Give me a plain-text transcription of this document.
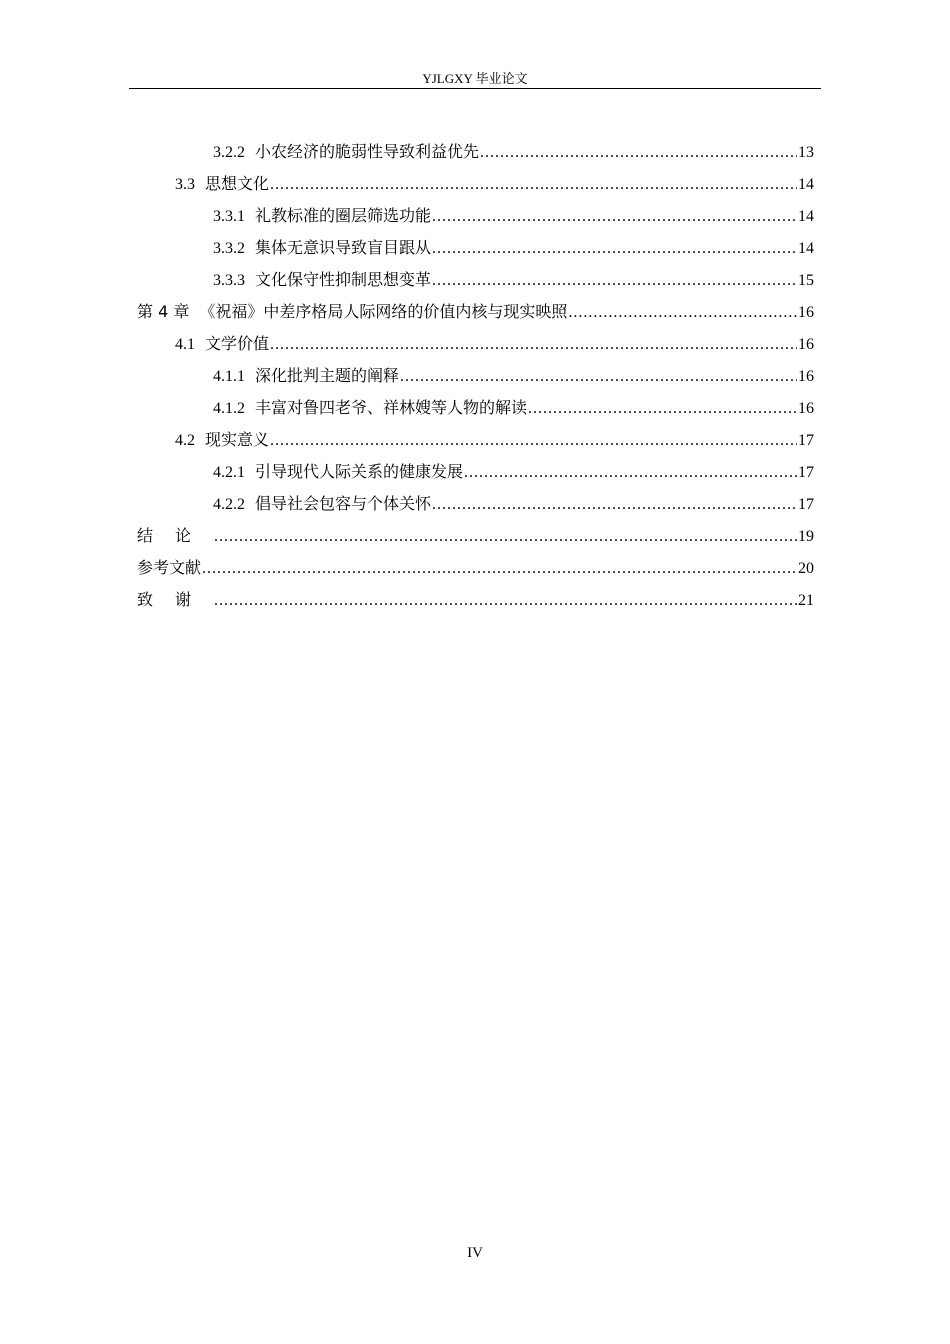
YJLGXY 毕业论文
3.2.2 小农经济的脆弱性导致利益优先 .....	13
3.3 思想文化 .....	14
3.3.1 礼教标准的圈层筛选功能 .....	14
3.3.2 集体无意识导致盲目跟从 .....	14
3.3.3 文化保守性抑制思想变革 .....	15
第 4 章 《祝福》中差序格局人际网络的价值内核与现实映照 .....	16
4.1 文学价值 .....	16
4.1.1 深化批判主题的阐释 .....	16
4.1.2 丰富对鲁四老爷、祥林嫂等人物的解读 .....	16
4.2 现实意义 .....	17
4.2.1 引导现代人际关系的健康发展 .....	17
4.2.2 倡导社会包容与个体关怀 .....	17
结论 .....	19
参考文献 .....	20
致谢 .....	21
IV
